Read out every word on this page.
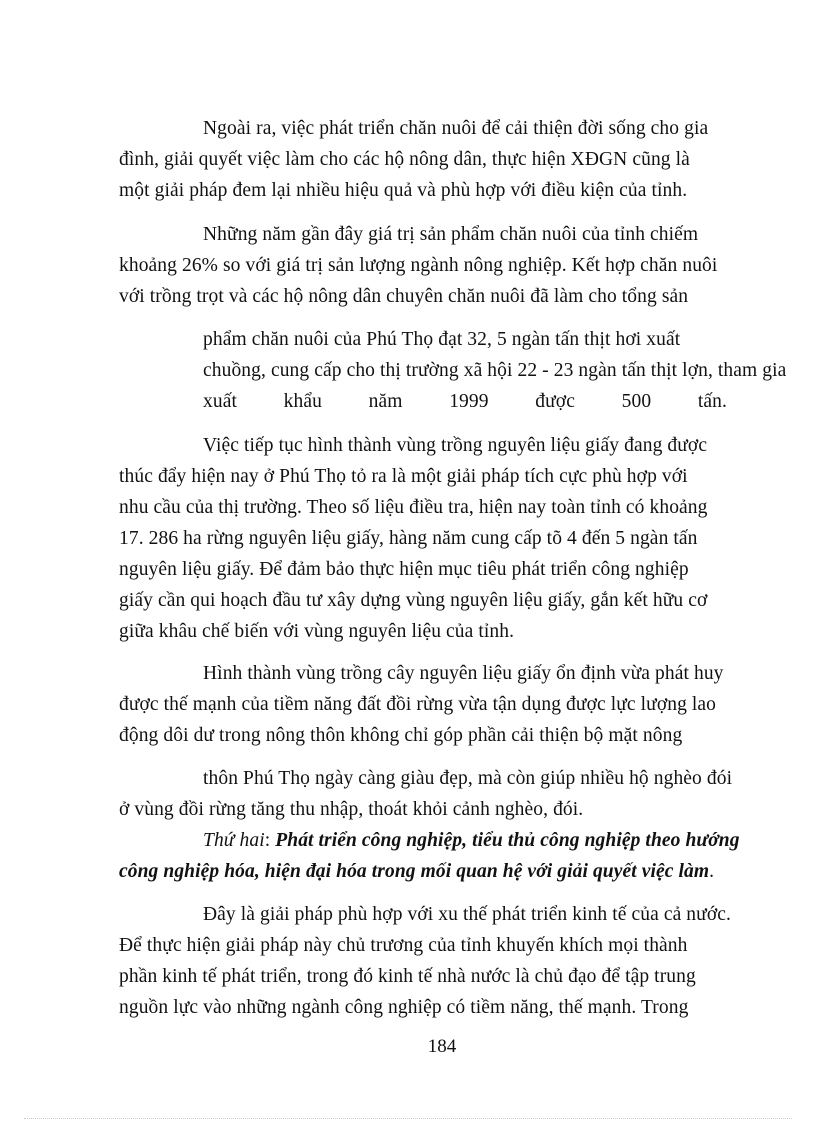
Ngoài ra, việc phát triển chăn nuôi để cải thiện đời sống cho gia
đình, giải quyết việc làm cho các hộ nông dân, thực hiện XĐGN cũng là
một giải pháp đem lại nhiều hiệu quả và phù hợp với điều kiện của tỉnh.
Những năm gần đây giá trị sản phẩm chăn nuôi của tỉnh chiếm
khoảng 26% so với giá trị sản lượng ngành nông nghiệp. Kết hợp chăn nuôi
với trồng trọt và các hộ nông dân chuyên chăn nuôi đã làm cho tổng sản
phẩm chăn nuôi của Phú Thọ đạt 32, 5 ngàn tấn thịt hơi xuất
chuồng, cung cấp cho thị trường xã hội 22 - 23 ngàn tấn thịt lợn, tham gia
xuất khẩu năm 1999 được 500 tấn.
Việc tiếp tục hình thành vùng trồng nguyên liệu giấy đang được
thúc đẩy hiện nay ở Phú Thọ tỏ ra là một giải pháp tích cực phù hợp với
nhu cầu của thị trường. Theo số liệu điều tra, hiện nay toàn tỉnh có khoảng
17. 286 ha rừng nguyên liệu giấy, hàng năm cung cấp tõ 4 đến 5 ngàn tấn
nguyên liệu giấy. Để đảm bảo thực hiện mục tiêu phát triển công nghiệp
giấy cần qui hoạch đầu tư xây dựng vùng nguyên liệu giấy, gắn kết hữu cơ
giữa khâu chế biến với vùng nguyên liệu của tỉnh.
Hình thành vùng trồng cây nguyên liệu giấy ổn định vừa phát huy
được thế mạnh của tiềm năng đất đồi rừng vừa tận dụng được lực lượng lao
động dôi dư trong nông thôn không chỉ góp phần cải thiện bộ mặt nông
thôn Phú Thọ ngày càng giàu đẹp, mà còn giúp nhiều hộ nghèo đói
ở vùng đồi rừng tăng thu nhập, thoát khỏi cảnh nghèo, đói.
Thứ hai: Phát triển công nghiệp, tiểu thủ công nghiệp theo hướng
công nghiệp hóa, hiện đại hóa trong mối quan hệ với giải quyết việc làm.
Đây là giải pháp phù hợp với xu thế phát triển kinh tế của cả nước.
Để thực hiện giải pháp này chủ trương của tỉnh khuyến khích mọi thành
phần kinh tế phát triển, trong đó kinh tế nhà nước là chủ đạo để tập trung
nguồn lực vào những ngành công nghiệp có tiềm năng, thế mạnh. Trong
184
